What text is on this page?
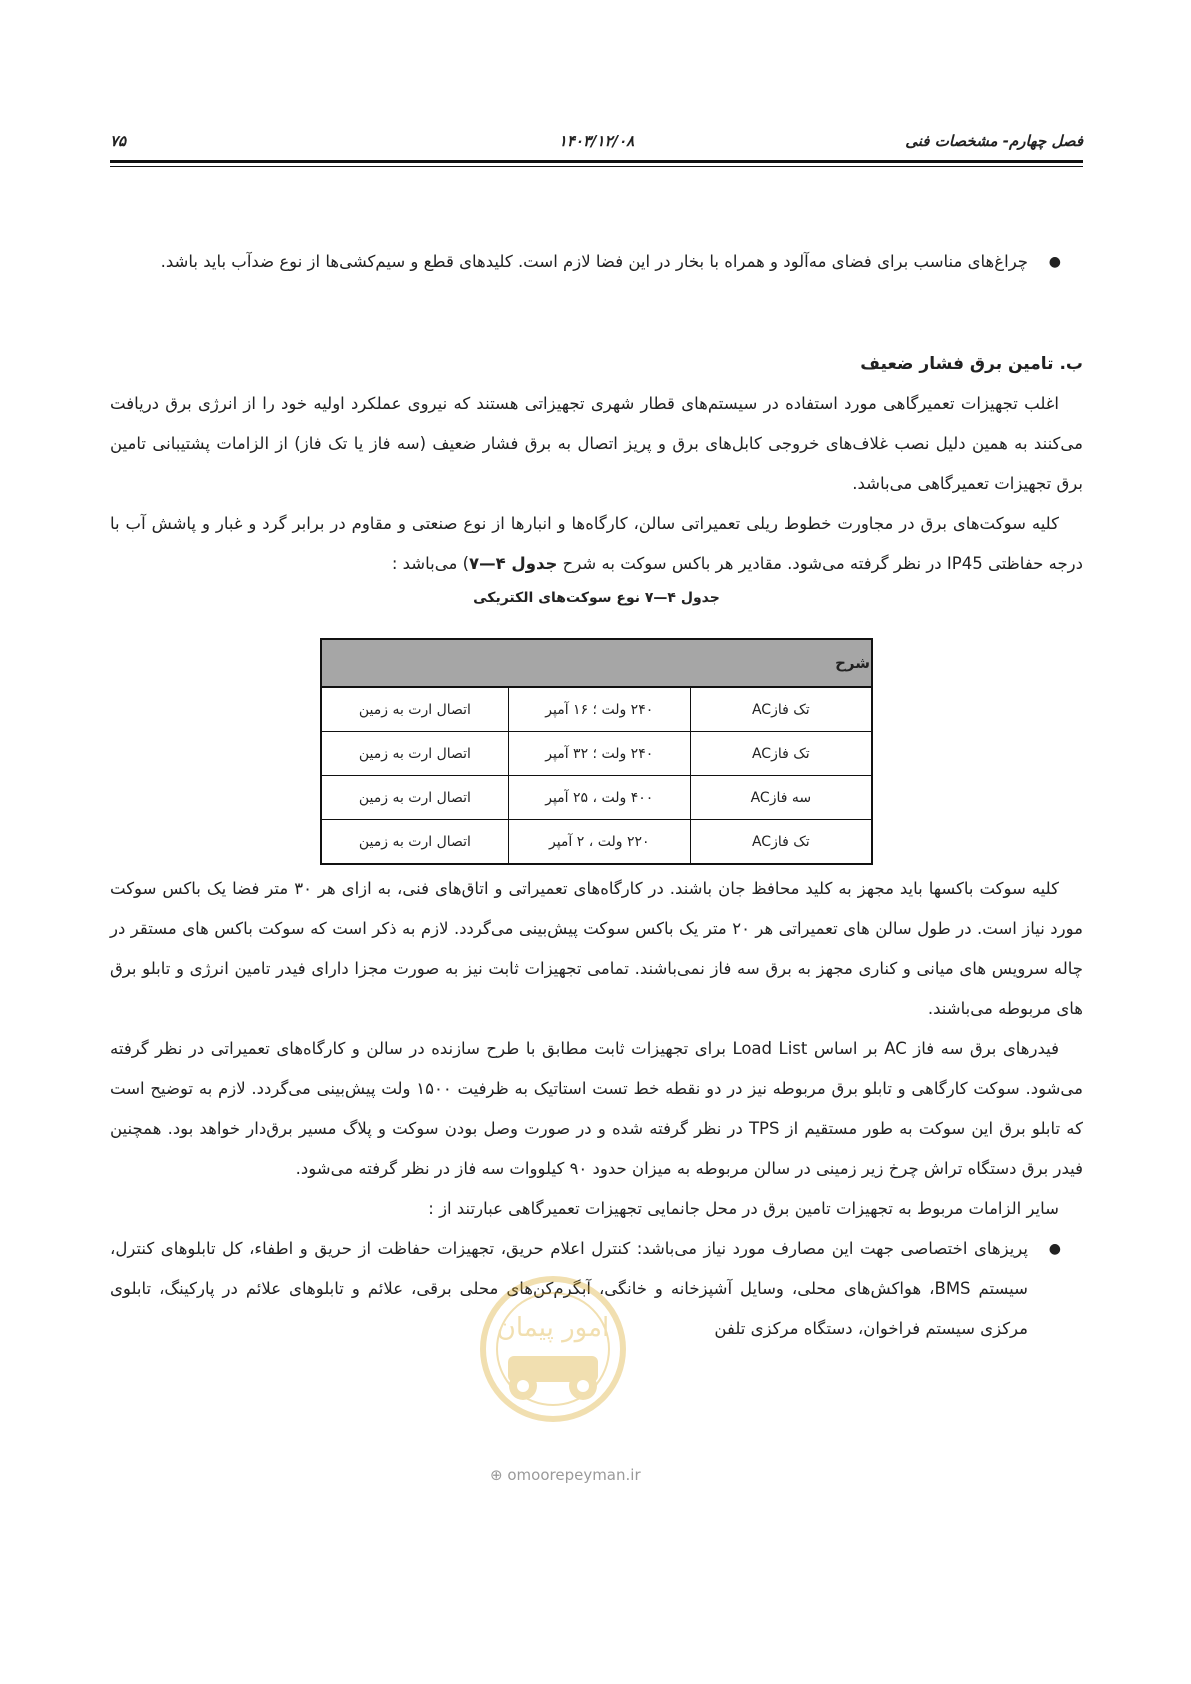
فصل چهارم- مشخصات فنی
۱۴۰۳/۱۲/۰۸
۷۵

●
چراغ‌های مناسب برای فضای مه‌آلود و همراه با بخار در این فضا لازم است. کلیدهای قطع و سیم‌کشی‌ها از نوع ضدآب باید باشد.

ب. تامین برق فشار ضعیف

اغلب تجهیزات تعمیرگاهی مورد استفاده در سیستم‌های قطار شهری تجهیزاتی هستند که نیروی عملکرد اولیه خود را از انرژی برق دریافت می‌کنند به همین دلیل نصب غلاف‌های خروجی کابل‌های برق و پریز اتصال به برق فشار ضعیف (سه فاز یا تک فاز) از الزامات پشتیبانی تامین برق تجهیزات تعمیرگاهی می‌باشد.

کلیه سوکت‌های برق در مجاورت خطوط ریلی تعمیراتی سالن، کارگاه‌ها و انبارها از نوع صنعتی و مقاوم در برابر گرد و غبار و پاشش آب با درجه حفاظتی IP45 در نظر گرفته می‌شود. مقادیر هر باکس سوکت به شرح جدول ۴—۷) می‌باشد :

جدول ۴—۷ نوع سوکت‌های الکتریکی

شرح		
تک فازAC	۲۴۰ ولت ؛ ۱۶ آمپر	اتصال ارت به زمین
تک فازAC	۲۴۰ ولت ؛ ۳۲ آمپر	اتصال ارت به زمین
سه فازAC	۴۰۰ ولت ، ۲۵ آمپر	اتصال ارت به زمین
تک فازAC	۲۲۰ ولت ، ۲ آمپر	اتصال ارت به زمین

کلیه سوکت باکسها باید مجهز به کلید محافظ جان باشند. در کارگاه‌های تعمیراتی و اتاق‌های فنی، به ازای هر ۳۰ متر فضا یک باکس سوکت مورد نیاز است. در طول سالن های تعمیراتی هر ۲۰ متر یک باکس سوکت پیش‌بینی می‌گردد. لازم به ذکر است که سوکت باکس های مستقر در چاله سرویس های میانی و کناری مجهز به برق سه فاز نمی‌باشند. تمامی تجهیزات ثابت نیز به صورت مجزا دارای فیدر تامین انرژی و تابلو برق های مربوطه می‌باشند.

فیدرهای برق سه فاز AC بر اساس Load List برای تجهیزات ثابت مطابق با طرح سازنده در سالن و کارگاه‌های تعمیراتی در نظر گرفته می‌شود. سوکت کارگاهی و تابلو برق مربوطه نیز در دو نقطه خط تست استاتیک به ظرفیت ۱۵۰۰ ولت پیش‌بینی می‌گردد. لازم به توضیح است که تابلو برق این سوکت به طور مستقیم از TPS در نظر گرفته شده و در صورت وصل بودن سوکت و پلاگ مسیر برق‌دار خواهد بود. همچنین فیدر برق دستگاه تراش چرخ زیر زمینی در سالن مربوطه به میزان حدود ۹۰ کیلووات سه فاز در نظر گرفته می‌شود.

سایر الزامات مربوط به تجهیزات تامین برق در محل جانمایی تجهیزات تعمیرگاهی عبارتند از :

●
پریزهای اختصاصی جهت این مصارف مورد نیاز می‌باشد: کنترل اعلام حریق، تجهیزات حفاظت از حریق و اطفاء، کل تابلوهای کنترل، سیستم BMS، هواکش‌های محلی، وسایل آشپزخانه و خانگی، آبگرم‌کن‌های محلی برقی، علائم و تابلوهای علائم در پارکینگ، تابلوی مرکزی سیستم فراخوان، دستگاه مرکزی تلفن

امور پیمان
⊕ omoorepeyman.ir
